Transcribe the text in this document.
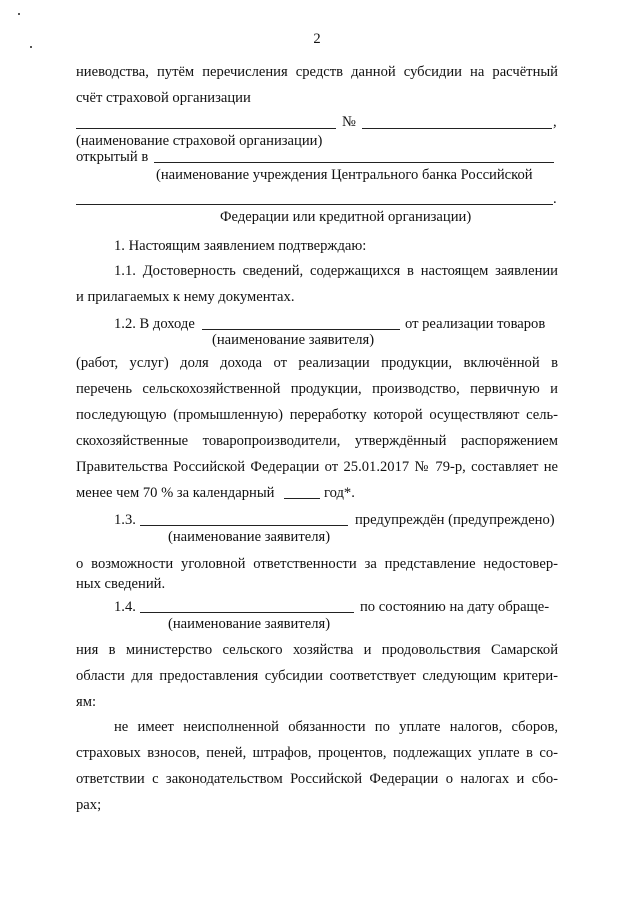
2
ниеводства, путём перечисления средств данной субсидии на расчётный
счёт страховой организации
№	,
(наименование страховой организации)
открытый в
(наименование учреждения Центрального банка Российской
.
Федерации или кредитной организации)
1. Настоящим заявлением подтверждаю:
1.1. Достоверность сведений, содержащихся в настоящем заявлении
и прилагаемых к нему документах.
1.2. В доходе	от реализации товаров
(наименование заявителя)
(работ, услуг) доля дохода от реализации продукции, включённой в
перечень сельскохозяйственной продукции, производство, первичную и
последующую (промышленную) переработку которой осуществляют сель-
скохозяйственные товаропроизводители, утверждённый распоряжением
Правительства Российской Федерации от 25.01.2017 № 79-р, составляет не
менее чем 70 % за календарный	год*.
1.3.	предупреждён (предупреждено)
(наименование заявителя)
о возможности уголовной ответственности за представление недостовер-
ных сведений.
1.4.	по состоянию на дату обраще-
(наименование заявителя)
ния в министерство сельского хозяйства и продовольствия Самарской
области для предоставления субсидии соответствует следующим критери-
ям:
не имеет неисполненной обязанности по уплате налогов, сборов,
страховых взносов, пеней, штрафов, процентов, подлежащих уплате в со-
ответствии с законодательством Российской Федерации о налогах и сбо-
рах;
